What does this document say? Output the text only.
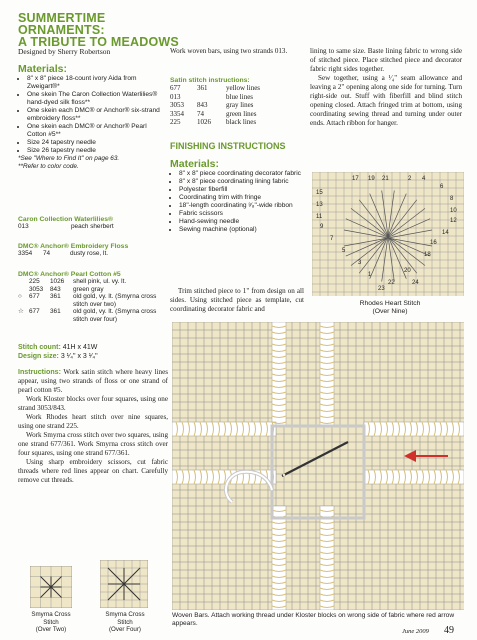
SUMMERTIME
ORNAMENTS:
A TRIBUTE TO MEADOWS
Designed by Sherry Robertson
Materials:
• 8" x 8" piece 18-count ivory Aida from Zweigart®*
• One skein The Caron Collection Waterlilies® hand-dyed silk floss**
• One skein each DMC® or Anchor® six-strand embroidery floss**
• One skein each DMC® or Anchor® Pearl Cotton #5**
• Size 24 tapestry needle
• Size 26 tapestry needle
*See "Where to Find It" on page 63.
**Refer to color code.
Caron Collection Waterlilies®
013	peach sherbert
DMC® Anchor® Embroidery Floss
3354	74	dusty rose, lt.
DMC® Anchor® Pearl Cotton #5
	225	1026	shell pink, ul. vy. lt.
	3053	843	green gray
○	677	361	old gold, vy. lt. (Smyrna cross stitch over two)
☆	677	361	old gold, vy. lt. (Smyrna cross stitch over four)
Stitch count: 41H x 41W
Design size: 3 ¹⁄₄" x 3 ¹⁄₄"

Instructions: Work satin stitch where heavy lines appear, using two strands of floss or one strand of pearl cotton #5.

Work Kloster blocks over four squares, using one strand 3053/843.

Work Rhodes heart stitch over nine squares, using one strand 225.

Work Smyrna cross stitch over two squares, using one strand 677/361. Work Smyrna cross stitch over four squares, using one strand 677/361.

Using sharp embroidery scissors, cut fabric threads where red lines appear on chart. Carefully remove cut threads.

Smyrna Cross
Stitch
(Over Two)
Smyrna Cross
Stitch
(Over Four)
Work woven bars, using two strands 013.
Satin stitch instructions:
677	361	yellow lines
013		blue lines
3053	843	gray lines
3354	74	green lines
225	1026	black lines
FINISHING INSTRUCTIONS
Materials:
• 8" x 8" piece coordinating decorator fabric
• 8" x 8" piece coordinating lining fabric
• Polyester fiberfill
• Coordinating trim with fringe
• 18"-length coordinating ³⁄₈"-wide ribbon
• Fabric scissors
• Hand-sewing needle
• Sewing machine (optional)
Trim stitched piece to 1" from design on all sides. Using stitched piece as template, cut coordinating decorator fabric and

lining to same size. Baste lining fabric to wrong side of stitched piece. Place stitched piece and decorator fabric right sides together.

Sew together, using a ¹⁄₄" seam allowance and leaving a 2" opening along one side for turning. Turn right-side out. Stuff with fiberfill and blind stitch opening closed. Attach fringed trim at bottom, using coordinating sewing thread and turning under outer ends. Attach ribbon for hanger.

17 19 21	2 4
15
6
13
8
11
10
9
12
7
14
5
16
3
18
1
20
22	24
23
Rhodes Heart Stitch
(Over Nine)
Woven Bars. Attach working thread under Kloster blocks on wrong side of fabric where red arrow appears.
June 2009 49
